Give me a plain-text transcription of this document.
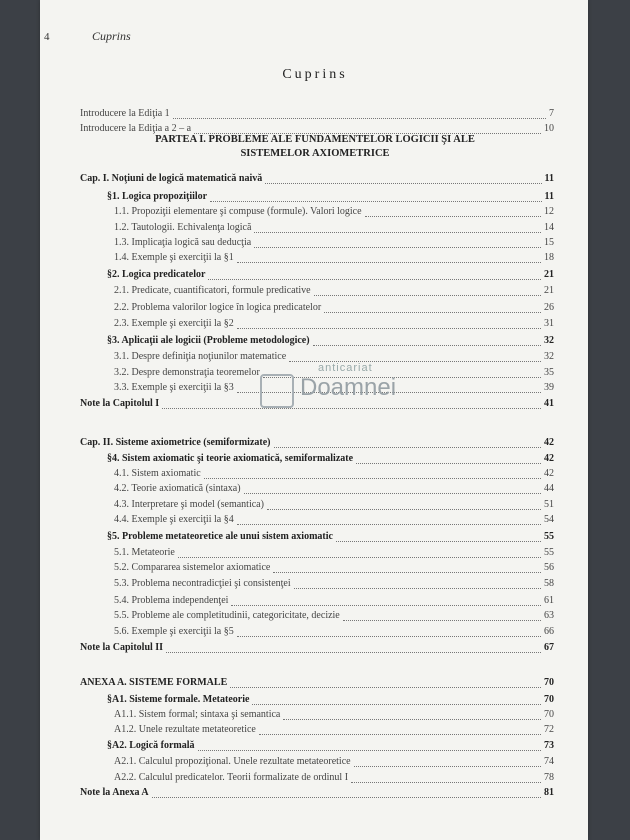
4	Cuprins
Cuprins
PARTEA I. PROBLEME ALE FUNDAMENTELOR LOGICII ŞI ALE
SISTEMELOR AXIOMETRICE
Introducere la Ediţia 1	7
Introducere la Ediţia a 2 – a	10
Cap. I. Noţiuni de logică matematică naivă	11
§1. Logica propoziţiilor	11
1.1. Propoziţii elementare şi compuse (formule). Valori logice	12
1.2. Tautologii. Echivalenţa logică	14
1.3. Implicaţia logică sau deducţia	15
1.4. Exemple şi exerciţii la §1	18
§2. Logica predicatelor	21
2.1. Predicate, cuantificatori, formule predicative	21
2.2. Problema valorilor logice în logica predicatelor	26
2.3. Exemple şi exerciţii la §2	31
§3. Aplicaţii ale logicii (Probleme metodologice)	32
3.1. Despre definiţia noţiunilor matematice	32
3.2. Despre demonstraţia teoremelor	35
3.3. Exemple şi exerciţii la §3	39
Note la Capitolul I	41
Cap. II. Sisteme axiometrice (semiformizate)	42
§4. Sistem axiomatic şi teorie axiomatică, semiformalizate	42
4.1. Sistem axiomatic	42
4.2. Teorie axiomatică (sintaxa)	44
4.3. Interpretare şi model (semantica)	51
4.4. Exemple şi exerciţii la §4	54
§5. Probleme metateoretice ale unui sistem axiomatic	55
5.1. Metateorie	55
5.2. Compararea sistemelor axiomatice	56
5.3. Problema necontradicţiei şi consistenţei	58
5.4. Problema independenţei	61
5.5. Probleme ale completitudinii, categoricitate, decizie	63
5.6. Exemple şi exerciţii la §5	66
Note la Capitolul II	67
ANEXA A. SISTEME FORMALE	70
§A1. Sisteme formale. Metateorie	70
A1.1. Sistem formal; sintaxa şi semantica	70
A1.2. Unele rezultate metateoretice	72
§A2. Logică formală	73
A2.1. Calculul propoziţional. Unele rezultate metateoretice	74
A2.2. Calculul predicatelor. Teorii formalizate de ordinul I	78
Note la Anexa A	81
anticariat
Doamnei
